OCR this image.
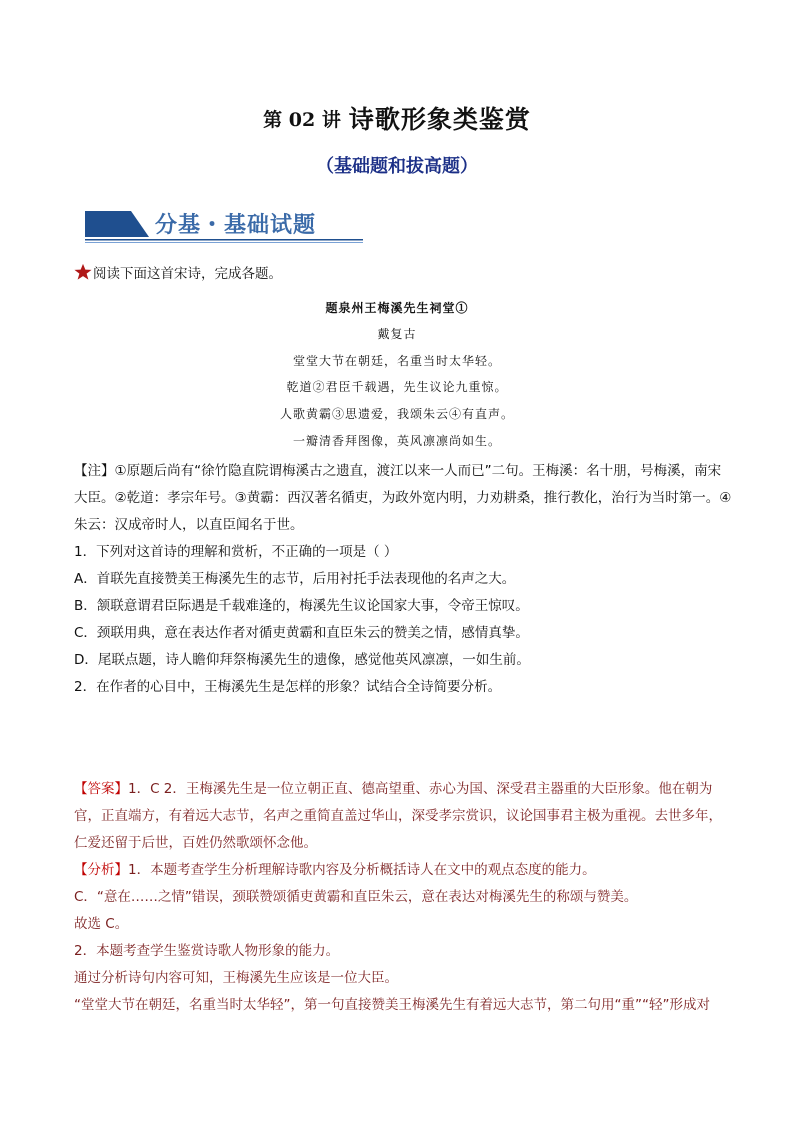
第 02 讲 诗歌形象类鉴赏
（基础题和拔高题）
分基・基础试题
阅读下面这首宋诗，完成各题。
题泉州王梅溪先生祠堂①
戴复古
堂堂大节在朝廷，名重当时太华轻。
乾道②君臣千载遇，先生议论九重惊。
人歌黄霸③思遗爱，我颂朱云④有直声。
一瓣清香拜图像，英风凛凛尚如生。
【注】①原题后尚有“徐竹隐直院谓梅溪古之遗直，渡江以来一人而已”二句。王梅溪：名十朋，号梅溪，南宋大臣。②乾道：孝宗年号。③黄霸：西汉著名循吏，为政外宽内明，力劝耕桑，推行教化，治行为当时第一。④朱云：汉成帝时人，以直臣闻名于世。
1．下列对这首诗的理解和赏析，不正确的一项是（ ）
A．首联先直接赞美王梅溪先生的志节，后用衬托手法表现他的名声之大。
B．颔联意谓君臣际遇是千载难逢的，梅溪先生议论国家大事，令帝王惊叹。
C．颈联用典，意在表达作者对循吏黄霸和直臣朱云的赞美之情，感情真挚。
D．尾联点题，诗人瞻仰拜祭梅溪先生的遗像，感觉他英风凛凛，一如生前。
2．在作者的心目中，王梅溪先生是怎样的形象？试结合全诗简要分析。
【答案】1．C 2．王梅溪先生是一位立朝正直、德高望重、赤心为国、深受君主器重的大臣形象。他在朝为官，正直端方，有着远大志节，名声之重简直盖过华山，深受孝宗赏识，议论国事君主极为重视。去世多年，仁爱还留于后世，百姓仍然歌颂怀念他。
【分析】1．本题考查学生分析理解诗歌内容及分析概括诗人在文中的观点态度的能力。
C．“意在……之情”错误，颈联赞颂循吏黄霸和直臣朱云，意在表达对梅溪先生的称颂与赞美。
故选 C。
2．本题考查学生鉴赏诗歌人物形象的能力。
通过分析诗句内容可知，王梅溪先生应该是一位大臣。
“堂堂大节在朝廷，名重当时太华轻”，第一句直接赞美王梅溪先生有着远大志节，第二句用“重”“轻”形成对
